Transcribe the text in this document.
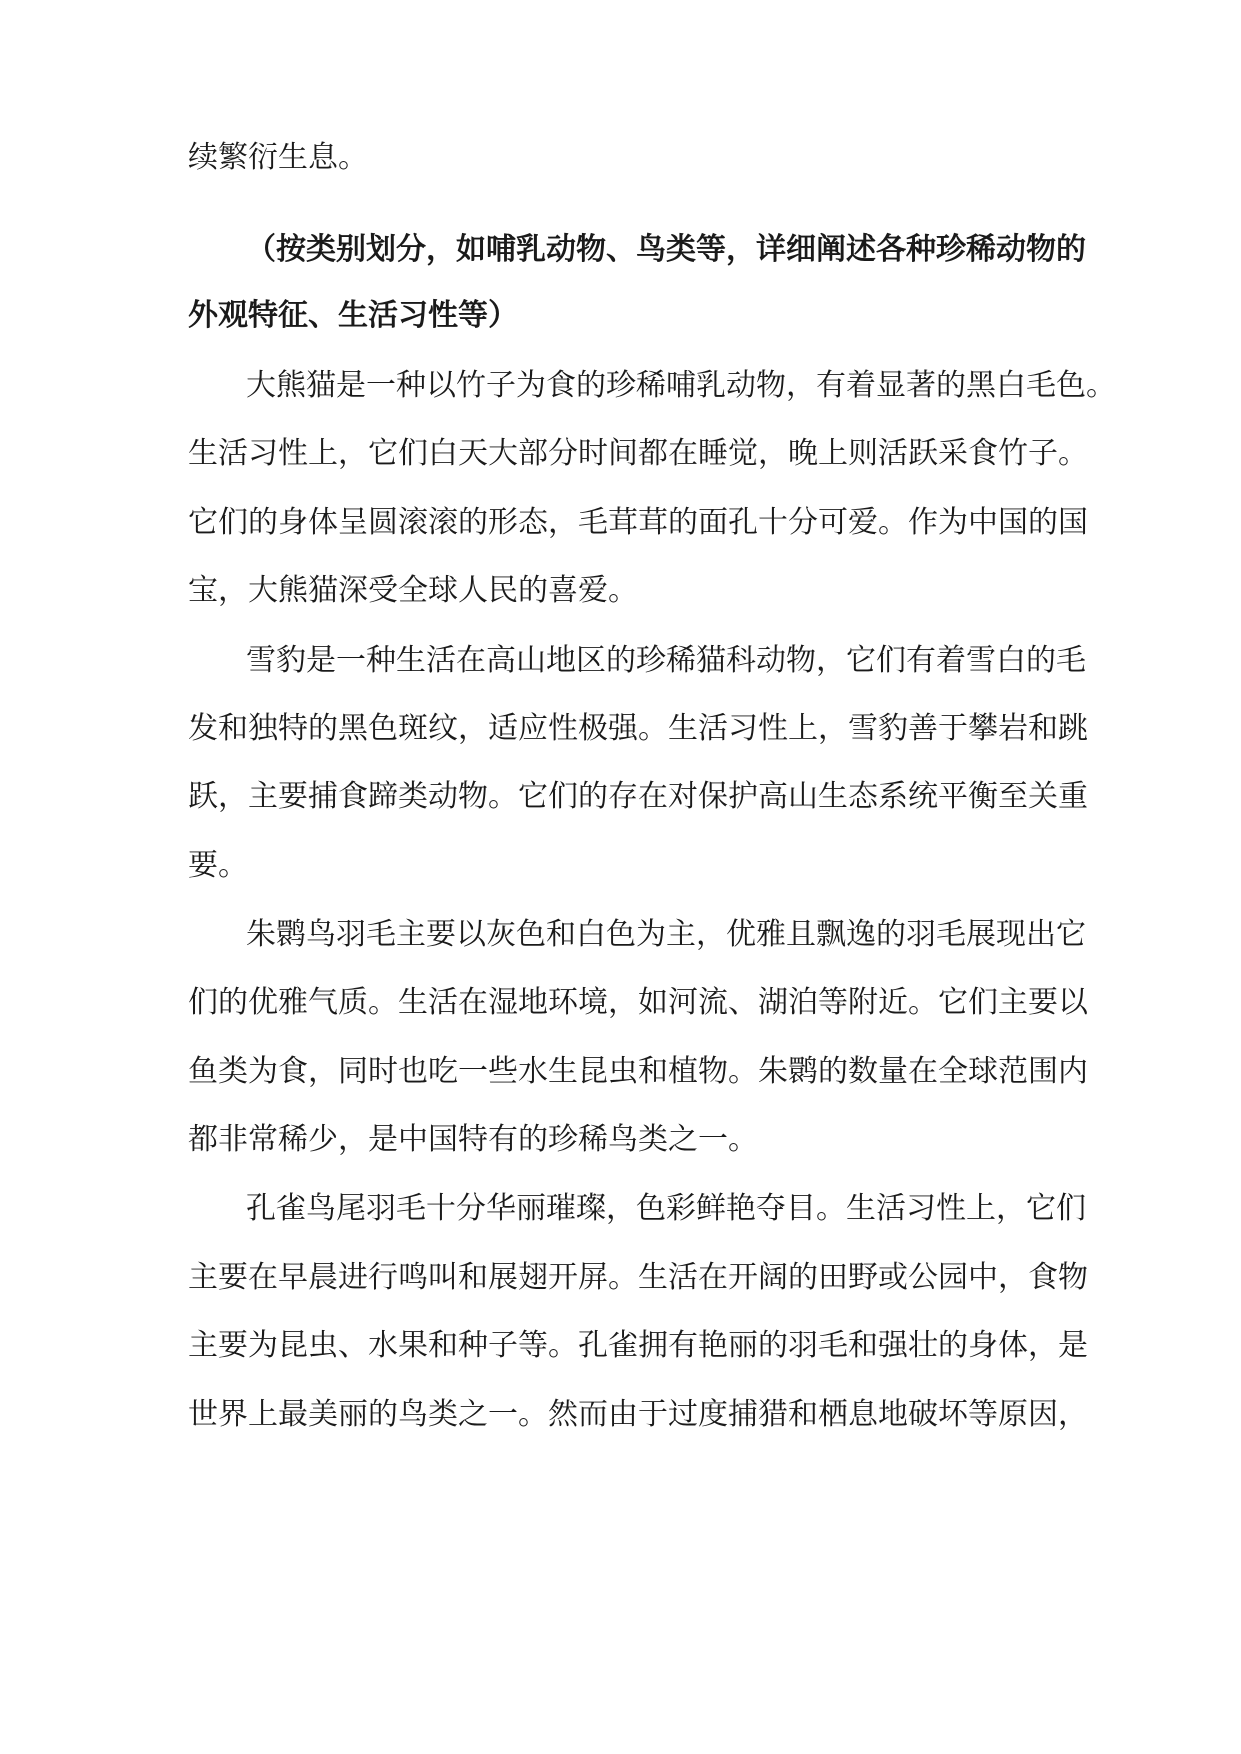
续繁衍生息。
（按类别划分，如哺乳动物、鸟类等，详细阐述各种珍稀动物的
外观特征、生活习性等）
大熊猫是一种以竹子为食的珍稀哺乳动物，有着显著的黑白毛色。
生活习性上，它们白天大部分时间都在睡觉，晚上则活跃采食竹子。
它们的身体呈圆滚滚的形态，毛茸茸的面孔十分可爱。作为中国的国
宝，大熊猫深受全球人民的喜爱。
雪豹是一种生活在高山地区的珍稀猫科动物，它们有着雪白的毛
发和独特的黑色斑纹，适应性极强。生活习性上，雪豹善于攀岩和跳
跃，主要捕食蹄类动物。它们的存在对保护高山生态系统平衡至关重
要。
朱鹮鸟羽毛主要以灰色和白色为主，优雅且飘逸的羽毛展现出它
们的优雅气质。生活在湿地环境，如河流、湖泊等附近。它们主要以
鱼类为食，同时也吃一些水生昆虫和植物。朱鹮的数量在全球范围内
都非常稀少，是中国特有的珍稀鸟类之一。
孔雀鸟尾羽毛十分华丽璀璨，色彩鲜艳夺目。生活习性上，它们
主要在早晨进行鸣叫和展翅开屏。生活在开阔的田野或公园中，食物
主要为昆虫、水果和种子等。孔雀拥有艳丽的羽毛和强壮的身体，是
世界上最美丽的鸟类之一。然而由于过度捕猎和栖息地破坏等原因，
